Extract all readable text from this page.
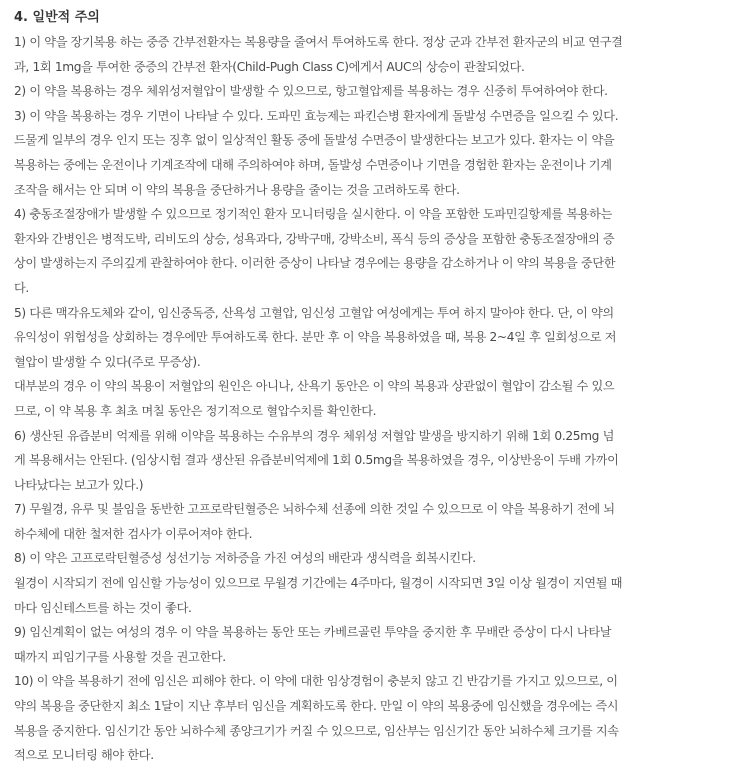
4. 일반적 주의
1) 이 약을 장기복용 하는 중증 간부전환자는 복용량을 줄여서 투여하도록 한다. 정상 군과 간부전 환자군의 비교 연구결
과, 1회 1mg을 투여한 중증의 간부전 환자(Child-Pugh Class C)에게서 AUC의 상승이 관찰되었다.
2) 이 약을 복용하는 경우 체위성저혈압이 발생할 수 있으므로, 항고혈압제를 복용하는 경우 신중히 투여하여야 한다.
3) 이 약을 복용하는 경우 기면이 나타날 수 있다. 도파민 효능제는 파킨슨병 환자에게 돌발성 수면증을 일으킬 수 있다.
드물게 일부의 경우 인지 또는 징후 없이 일상적인 활동 중에 돌발성 수면증이 발생한다는 보고가 있다. 환자는 이 약을
복용하는 중에는 운전이나 기계조작에 대해 주의하여야 하며, 돌발성 수면증이나 기면을 경험한 환자는 운전이나 기계
조작을 해서는 안 되며 이 약의 복용을 중단하거나 용량을 줄이는 것을 고려하도록 한다.
4) 충동조절장애가 발생할 수 있으므로 정기적인 환자 모니터링을 실시한다. 이 약을 포함한 도파민길항제를 복용하는
환자와 간병인은 병적도박, 리비도의 상승, 성욕과다, 강박구매, 강박소비, 폭식 등의 증상을 포함한 충동조절장애의 증
상이 발생하는지 주의깊게 관찰하여야 한다. 이러한 증상이 나타날 경우에는 용량을 감소하거나 이 약의 복용을 중단한
다.
5) 다른 맥각유도체와 같이, 임신중독증, 산욕성 고혈압, 임신성 고혈압 여성에게는 투여 하지 말아야 한다. 단, 이 약의
유익성이 위험성을 상회하는 경우에만 투여하도록 한다. 분만 후 이 약을 복용하였을 때, 복용 2~4일 후 일회성으로 저
혈압이 발생할 수 있다(주로 무증상).
대부분의 경우 이 약의 복용이 저혈압의 원인은 아니나, 산욕기 동안은 이 약의 복용과 상관없이 혈압이 감소될 수 있으
므로, 이 약 복용 후 최초 며칠 동안은 정기적으로 혈압수치를 확인한다.
6) 생산된 유즙분비 억제를 위해 이약을 복용하는 수유부의 경우 체위성 저혈압 발생을 방지하기 위해 1회 0.25mg 넘
게 복용해서는 안된다. (임상시험 결과 생산된 유즙분비억제에 1회 0.5mg을 복용하였을 경우, 이상반응이 두배 가까이
나타났다는 보고가 있다.)
7) 무월경, 유루 및 불임을 동반한 고프로락틴혈증은 뇌하수체 선종에 의한 것일 수 있으므로 이 약을 복용하기 전에 뇌
하수체에 대한 철저한 검사가 이루어져야 한다.
8) 이 약은 고프로락틴혈증성 성선기능 저하증을 가진 여성의 배란과 생식력을 회복시킨다.
월경이 시작되기 전에 임신할 가능성이 있으므로 무월경 기간에는 4주마다, 월경이 시작되면 3일 이상 월경이 지연될 때
마다 임신테스트를 하는 것이 좋다.
9) 임신계획이 없는 여성의 경우 이 약을 복용하는 동안 또는 카베르골린 투약을 중지한 후 무배란 증상이 다시 나타날
때까지 피임기구를 사용할 것을 권고한다.
10) 이 약을 복용하기 전에 임신은 피해야 한다. 이 약에 대한 임상경험이 충분치 않고 긴 반감기를 가지고 있으므로, 이
약의 복용을 중단한지 최소 1달이 지난 후부터 임신을 계획하도록 한다. 만일 이 약의 복용중에 임신했을 경우에는 즉시
복용을 중지한다. 임신기간 동안 뇌하수체 종양크기가 커질 수 있으므로, 임산부는 임신기간 동안 뇌하수체 크기를 지속
적으로 모니터링 해야 한다.
